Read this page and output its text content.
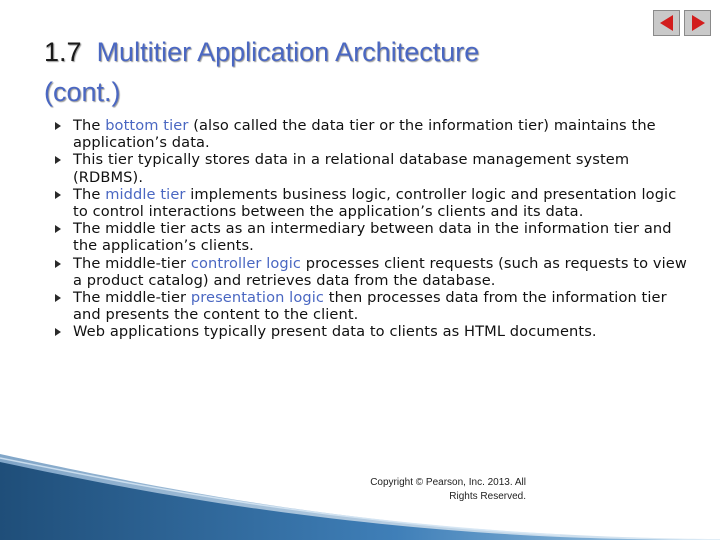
1.7 Multitier Application Architecture
(cont.)
The bottom tier (also called the data tier or the information tier) maintains the application’s data.
This tier typically stores data in a relational database management system (RDBMS).
The middle tier implements business logic, controller logic and presentation logic to control interactions between the application’s clients and its data.
The middle tier acts as an intermediary between data in the information tier and the application’s clients.
The middle-tier controller logic processes client requests (such as requests to view a product catalog) and retrieves data from the database.
The middle-tier presentation logic then processes data from the information tier and presents the content to the client.
Web applications typically present data to clients as HTML documents.

Copyright © Pearson, Inc. 2013. All
Rights Reserved.
